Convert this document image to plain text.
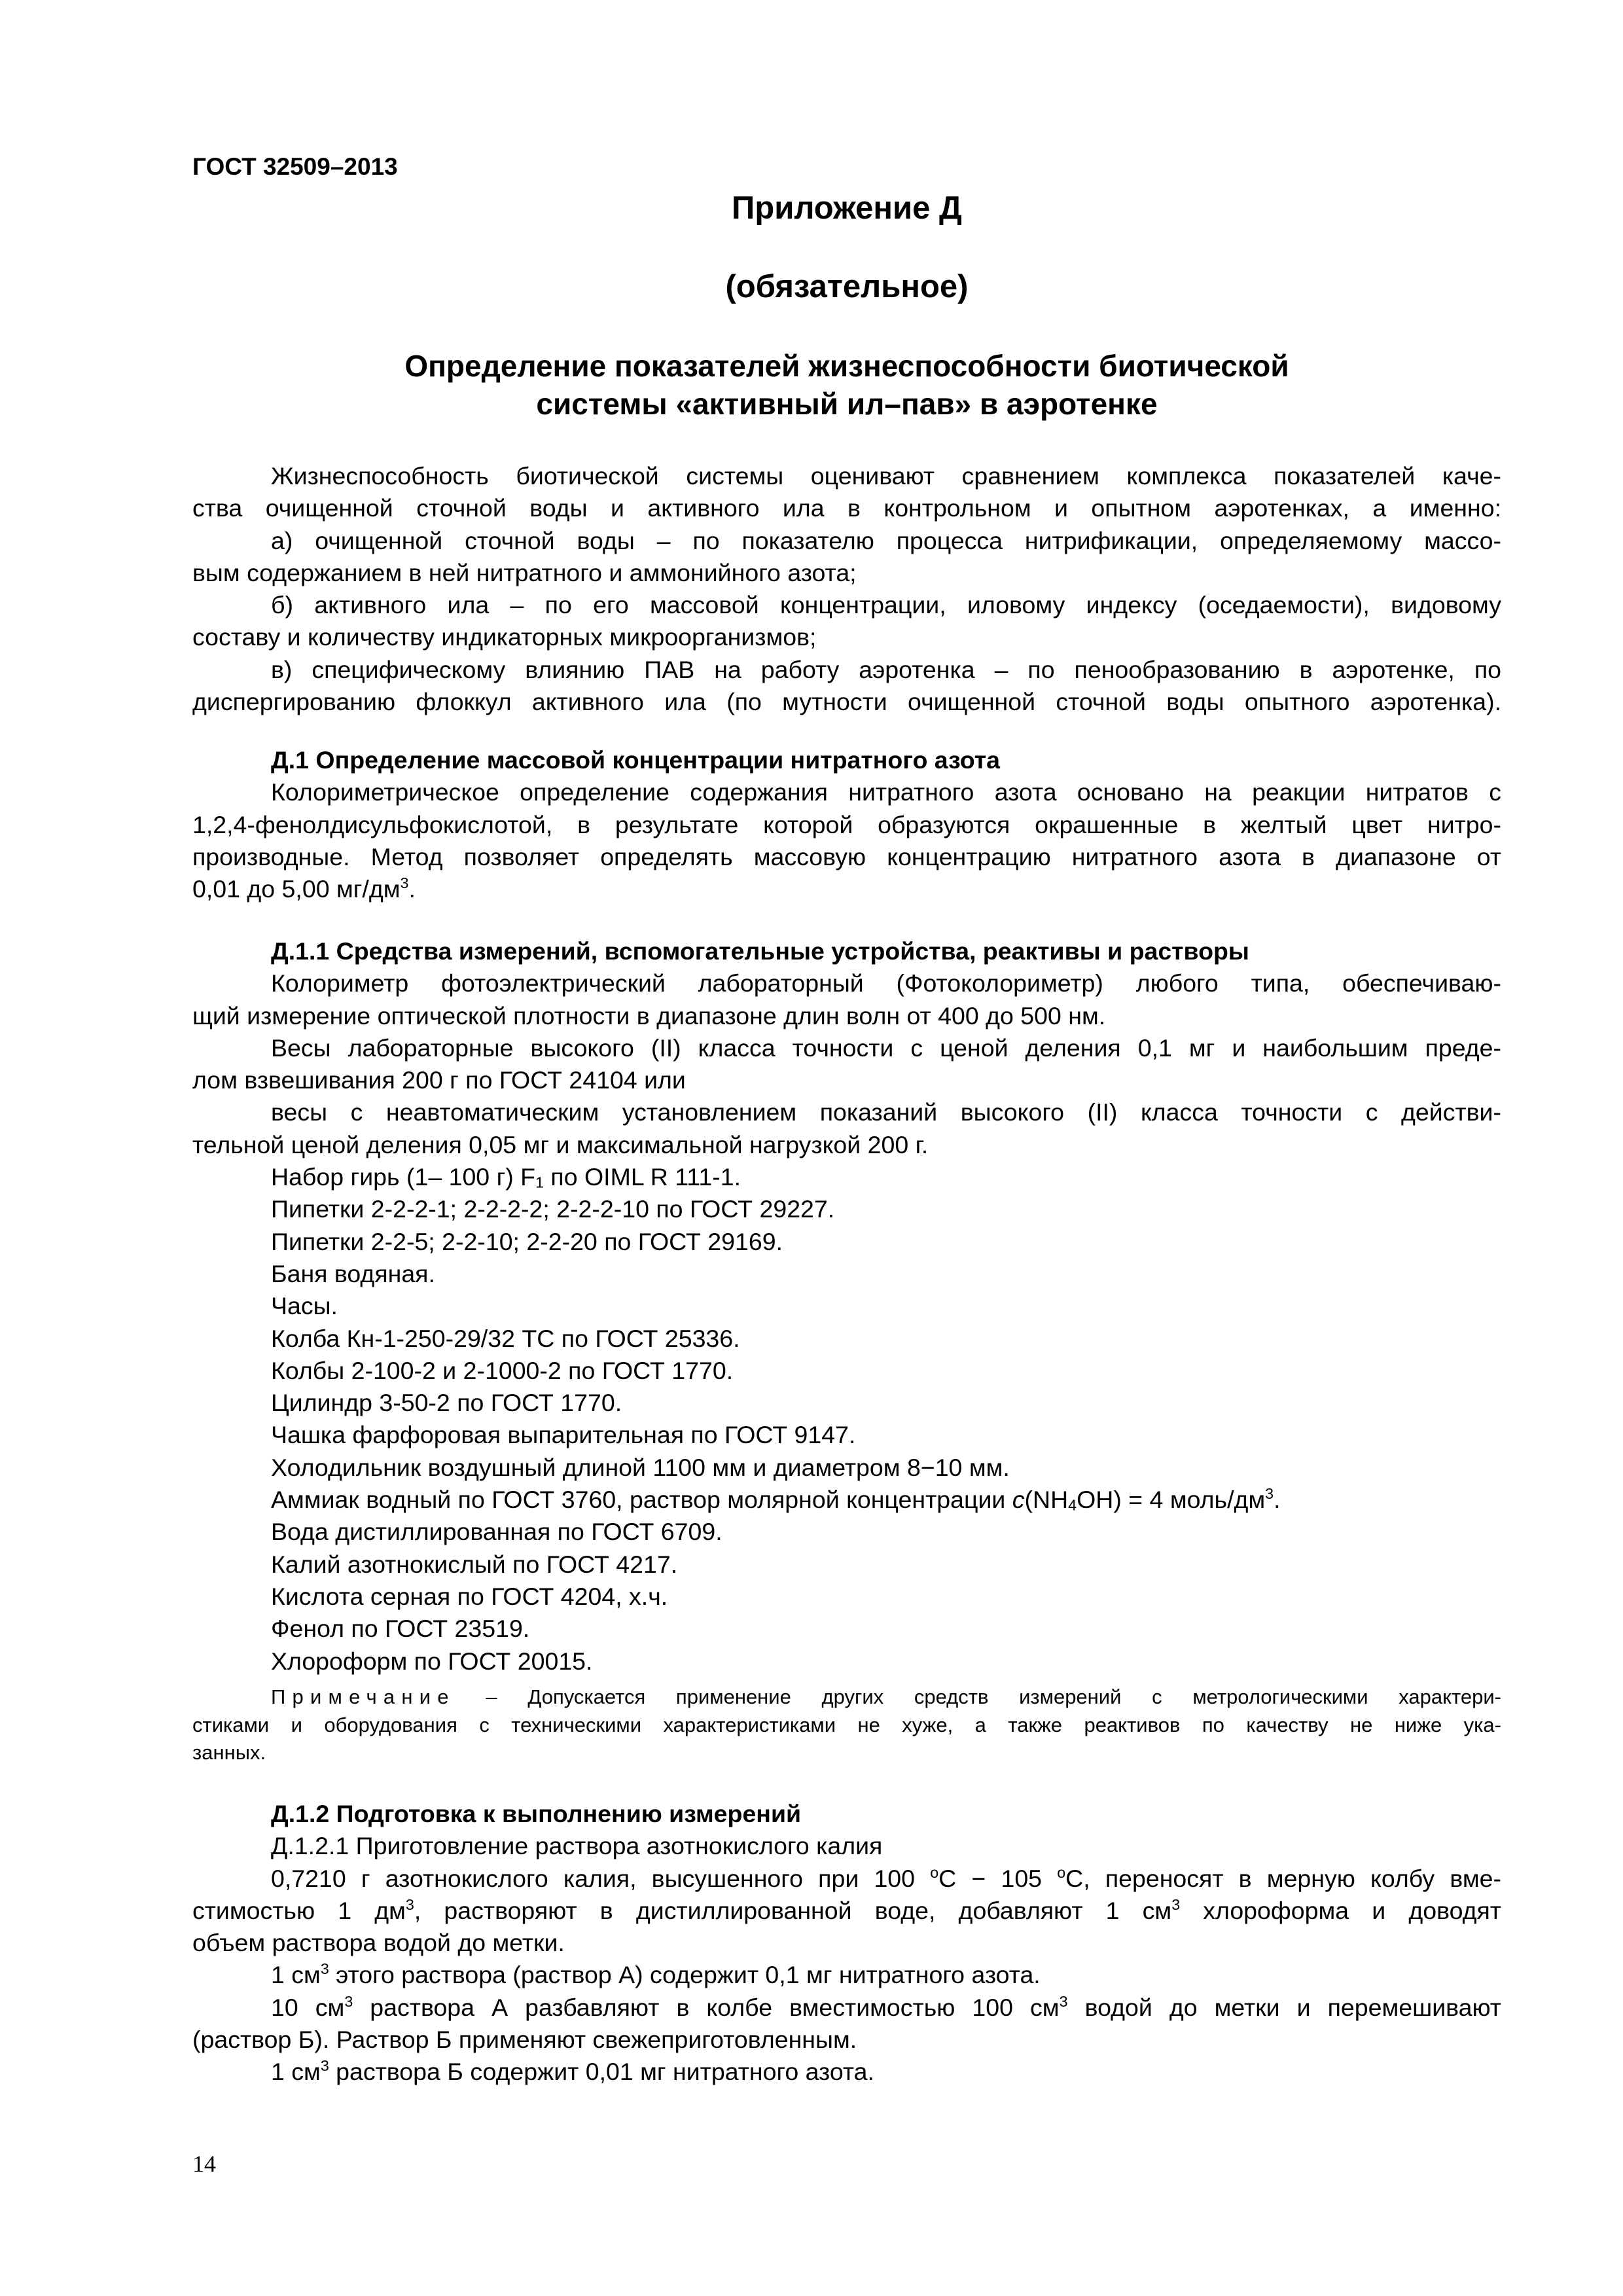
ГОСТ 32509–2013
Приложение Д
(обязательное)
Определение показателей жизнеспособности биотической
системы «активный ил–пав» в аэротенке

Жизнеспособность биотической системы оценивают сравнением комплекса показателей каче-

ства очищенной сточной воды и активного ила в контрольном и опытном аэротенках, а именно:

а) очищенной сточной воды – по показателю процесса нитрификации, определяемому массо-

вым содержанием в ней нитратного и аммонийного азота;

б) активного ила – по его массовой концентрации, иловому индексу (оседаемости), видовому

составу и количеству индикаторных микроорганизмов;

в) специфическому влиянию ПАВ на работу аэротенка – по пенообразованию в аэротенке, по

диспергированию флоккул активного ила (по мутности очищенной сточной воды опытного аэротенка).

Д.1 Определение массовой концентрации нитратного азота

Колориметрическое определение содержания нитратного азота основано на реакции нитратов с

1,2,4-фенолдисульфокислотой, в результате которой образуются окрашенные в желтый цвет нитро-

производные. Метод позволяет определять массовую концентрацию нитратного азота в диапазоне от

0,01 до 5,00 $мг/дм^3$.

Д.1.1 Средства измерений, вспомогательные устройства, реактивы и растворы

Колориметр фотоэлектрический лабораторный (Фотоколориметр) любого типа, обеспечиваю-

щий измерение оптической плотности в диапазоне длин волн от 400 до 500 нм.

Весы лабораторные высокого (II) класса точности с ценой деления 0,1 мг и наибольшим преде-

лом взвешивания 200 г по ГОСТ 24104 или

весы с неавтоматическим установлением показаний высокого (II) класса точности с действи-

тельной ценой деления 0,05 мг и максимальной нагрузкой 200 г.

Набор гирь (1– 100 г) $F_1$ по OIML R 111-1.

Пипетки 2-2-2-1; 2-2-2-2; 2-2-2-10 по ГОСТ 29227.

Пипетки 2-2-5; 2-2-10; 2-2-20 по ГОСТ 29169.

Баня водяная.

Часы.

Колба Кн-1-250-29/32 ТС по ГОСТ 25336.

Колбы 2-100-2 и 2-1000-2 по ГОСТ 1770.

Цилиндр 3-50-2 по ГОСТ 1770.

Чашка фарфоровая выпарительная по ГОСТ 9147.

Холодильник воздушный длиной 1100 мм и диаметром 8−10 мм.

Аммиак водный по ГОСТ 3760, раствор молярной концентрации $c(NH_4OH) = 4$ моль/$дм^3$.

Вода дистиллированная по ГОСТ 6709.

Калий азотнокислый по ГОСТ 4217.

Кислота серная по ГОСТ 4204, х.ч.

Фенол по ГОСТ 23519.

Хлороформ по ГОСТ 20015.

Примечание – Допускается применение других средств измерений с метрологическими характери-

стиками и оборудования с техническими характеристиками не хуже, а также реактивов по качеству не ниже ука-

занных.

Д.1.2 Подготовка к выполнению измерений

Д.1.2.1 Приготовление раствора азотнокислого калия

0,7210 г азотнокислого калия, высушенного при 100 $^o$С − 105 $^o$С, переносят в мерную колбу вме-

стимостью 1 $дм^3$, растворяют в дистиллированной воде, добавляют 1 $см^3$ хлороформа и доводят

объем раствора водой до метки.

1 $см^3$ этого раствора (раствор А) содержит 0,1 мг нитратного азота.

10 $см^3$ раствора А разбавляют в колбе вместимостью 100 $см^3$ водой до метки и перемешивают

(раствор Б). Раствор Б применяют свежеприготовленным.

1 $см^3$ раствора Б содержит 0,01 мг нитратного азота.

14
